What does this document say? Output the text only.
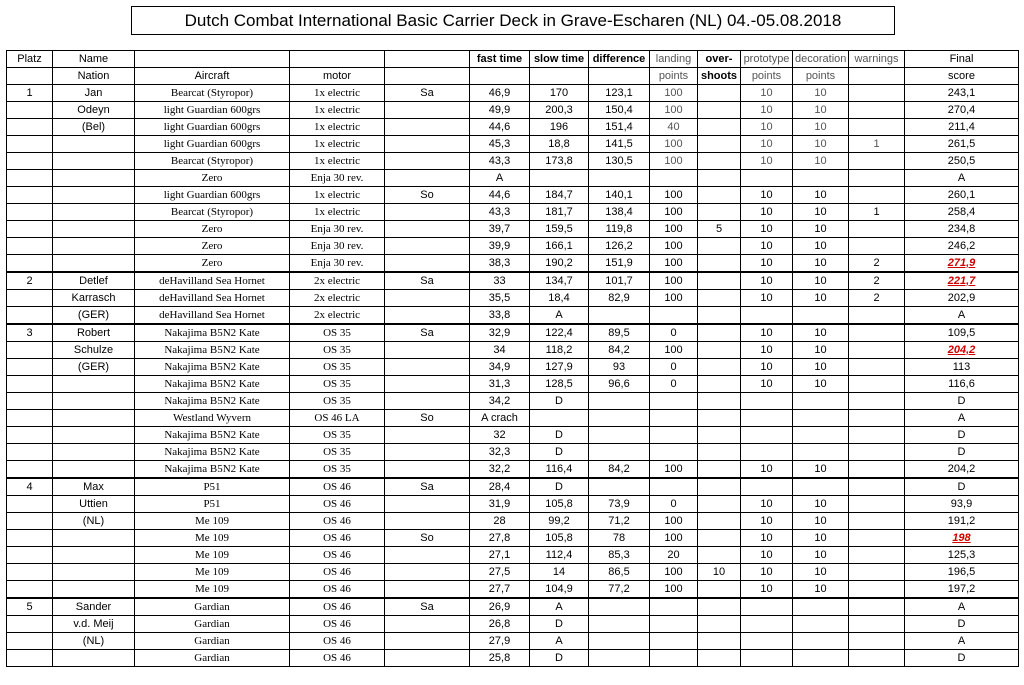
Dutch Combat International Basic Carrier Deck in Grave-Escharen (NL) 04.-05.08.2018
Platz	Name				fast time	slow time	difference	landing	over-	prototype	decoration	warnings	Final
	Nation	Aircraft	motor					points	shoots	points	points		score
1	Jan	Bearcat (Styropor)	1x electric	Sa	46,9	170	123,1	100		10	10		243,1
	Odeyn	light Guardian 600grs	1x electric		49,9	200,3	150,4	100		10	10		270,4
	(Bel)	light Guardian 600grs	1x electric		44,6	196	151,4	40		10	10		211,4
		light Guardian 600grs	1x electric		45,3	18,8	141,5	100		10	10	1	261,5
		Bearcat (Styropor)	1x electric		43,3	173,8	130,5	100		10	10		250,5
		Zero	Enja 30 rev.		A								A
		light Guardian 600grs	1x electric	So	44,6	184,7	140,1	100		10	10		260,1
		Bearcat (Styropor)	1x electric		43,3	181,7	138,4	100		10	10	1	258,4
		Zero	Enja 30 rev.		39,7	159,5	119,8	100	5	10	10		234,8
		Zero	Enja 30 rev.		39,9	166,1	126,2	100		10	10		246,2
		Zero	Enja 30 rev.		38,3	190,2	151,9	100		10	10	2	271,9
2	Detlef	deHavilland Sea Hornet	2x electric	Sa	33	134,7	101,7	100		10	10	2	221,7
	Karrasch	deHavilland Sea Hornet	2x electric		35,5	18,4	82,9	100		10	10	2	202,9
	(GER)	deHavilland Sea Hornet	2x electric		33,8	A							A
3	Robert	Nakajima B5N2 Kate	OS 35	Sa	32,9	122,4	89,5	0		10	10		109,5
	Schulze	Nakajima B5N2 Kate	OS 35		34	118,2	84,2	100		10	10		204,2
	(GER)	Nakajima B5N2 Kate	OS 35		34,9	127,9	93	0		10	10		113
		Nakajima B5N2 Kate	OS 35		31,3	128,5	96,6	0		10	10		116,6
		Nakajima B5N2 Kate	OS 35		34,2	D							D
		Westland Wyvern	OS 46 LA	So	A crach								A
		Nakajima B5N2 Kate	OS 35		32	D							D
		Nakajima B5N2 Kate	OS 35		32,3	D							D
		Nakajima B5N2 Kate	OS 35		32,2	116,4	84,2	100		10	10		204,2
4	Max	P51	OS 46	Sa	28,4	D							D
	Uttien	P51	OS 46		31,9	105,8	73,9	0		10	10		93,9
	(NL)	Me 109	OS 46		28	99,2	71,2	100		10	10		191,2
		Me 109	OS 46	So	27,8	105,8	78	100		10	10		198
		Me 109	OS 46		27,1	112,4	85,3	20		10	10		125,3
		Me 109	OS 46		27,5	14	86,5	100	10	10	10		196,5
		Me 109	OS 46		27,7	104,9	77,2	100		10	10		197,2
5	Sander	Gardian	OS 46	Sa	26,9	A							A
	v.d. Meij	Gardian	OS 46		26,8	D							D
	(NL)	Gardian	OS 46		27,9	A							A
		Gardian	OS 46		25,8	D							D
